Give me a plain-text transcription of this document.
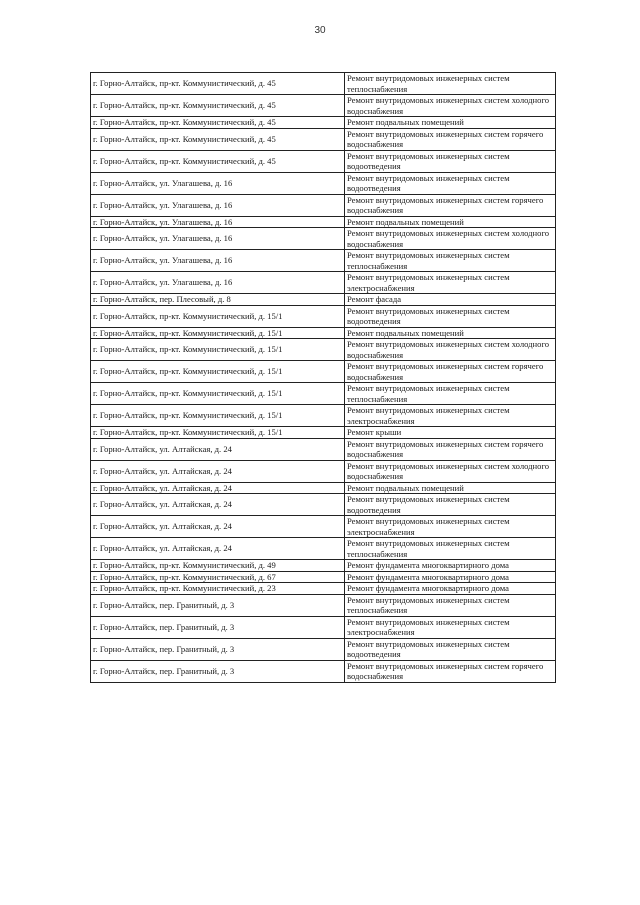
30
г. Горно-Алтайск, пр-кт. Коммунистический, д. 45	Ремонт внутридомовых инженерных систем теплоснабжения
г. Горно-Алтайск, пр-кт. Коммунистический, д. 45	Ремонт внутридомовых инженерных систем холодного водоснабжения
г. Горно-Алтайск, пр-кт. Коммунистический, д. 45	Ремонт подвальных помещений
г. Горно-Алтайск, пр-кт. Коммунистический, д. 45	Ремонт внутридомовых инженерных систем горячего водоснабжения
г. Горно-Алтайск, пр-кт. Коммунистический, д. 45	Ремонт внутридомовых инженерных систем водоотведения
г. Горно-Алтайск, ул. Улагашева, д. 16	Ремонт внутридомовых инженерных систем водоотведения
г. Горно-Алтайск, ул. Улагашева, д. 16	Ремонт внутридомовых инженерных систем горячего водоснабжения
г. Горно-Алтайск, ул. Улагашева, д. 16	Ремонт подвальных помещений
г. Горно-Алтайск, ул. Улагашева, д. 16	Ремонт внутридомовых инженерных систем холодного водоснабжения
г. Горно-Алтайск, ул. Улагашева, д. 16	Ремонт внутридомовых инженерных систем теплоснабжения
г. Горно-Алтайск, ул. Улагашева, д. 16	Ремонт внутридомовых инженерных систем электроснабжения
г. Горно-Алтайск, пер. Плесовый, д. 8	Ремонт фасада
г. Горно-Алтайск, пр-кт. Коммунистический, д. 15/1	Ремонт внутридомовых инженерных систем водоотведения
г. Горно-Алтайск, пр-кт. Коммунистический, д. 15/1	Ремонт подвальных помещений
г. Горно-Алтайск, пр-кт. Коммунистический, д. 15/1	Ремонт внутридомовых инженерных систем холодного водоснабжения
г. Горно-Алтайск, пр-кт. Коммунистический, д. 15/1	Ремонт внутридомовых инженерных систем горячего водоснабжения
г. Горно-Алтайск, пр-кт. Коммунистический, д. 15/1	Ремонт внутридомовых инженерных систем теплоснабжения
г. Горно-Алтайск, пр-кт. Коммунистический, д. 15/1	Ремонт внутридомовых инженерных систем электроснабжения
г. Горно-Алтайск, пр-кт. Коммунистический, д. 15/1	Ремонт крыши
г. Горно-Алтайск, ул. Алтайская, д. 24	Ремонт внутридомовых инженерных систем горячего водоснабжения
г. Горно-Алтайск, ул. Алтайская, д. 24	Ремонт внутридомовых инженерных систем холодного водоснабжения
г. Горно-Алтайск, ул. Алтайская, д. 24	Ремонт подвальных помещений
г. Горно-Алтайск, ул. Алтайская, д. 24	Ремонт внутридомовых инженерных систем водоотведения
г. Горно-Алтайск, ул. Алтайская, д. 24	Ремонт внутридомовых инженерных систем электроснабжения
г. Горно-Алтайск, ул. Алтайская, д. 24	Ремонт внутридомовых инженерных систем теплоснабжения
г. Горно-Алтайск, пр-кт. Коммунистический, д. 49	Ремонт фундамента многоквартирного дома
г. Горно-Алтайск, пр-кт. Коммунистический, д. 67	Ремонт фундамента многоквартирного дома
г. Горно-Алтайск, пр-кт. Коммунистический, д. 23	Ремонт фундамента многоквартирного дома
г. Горно-Алтайск, пер. Гранитный, д. 3	Ремонт внутридомовых инженерных систем теплоснабжения
г. Горно-Алтайск, пер. Гранитный, д. 3	Ремонт внутридомовых инженерных систем электроснабжения
г. Горно-Алтайск, пер. Гранитный, д. 3	Ремонт внутридомовых инженерных систем водоотведения
г. Горно-Алтайск, пер. Гранитный, д. 3	Ремонт внутридомовых инженерных систем горячего водоснабжения
